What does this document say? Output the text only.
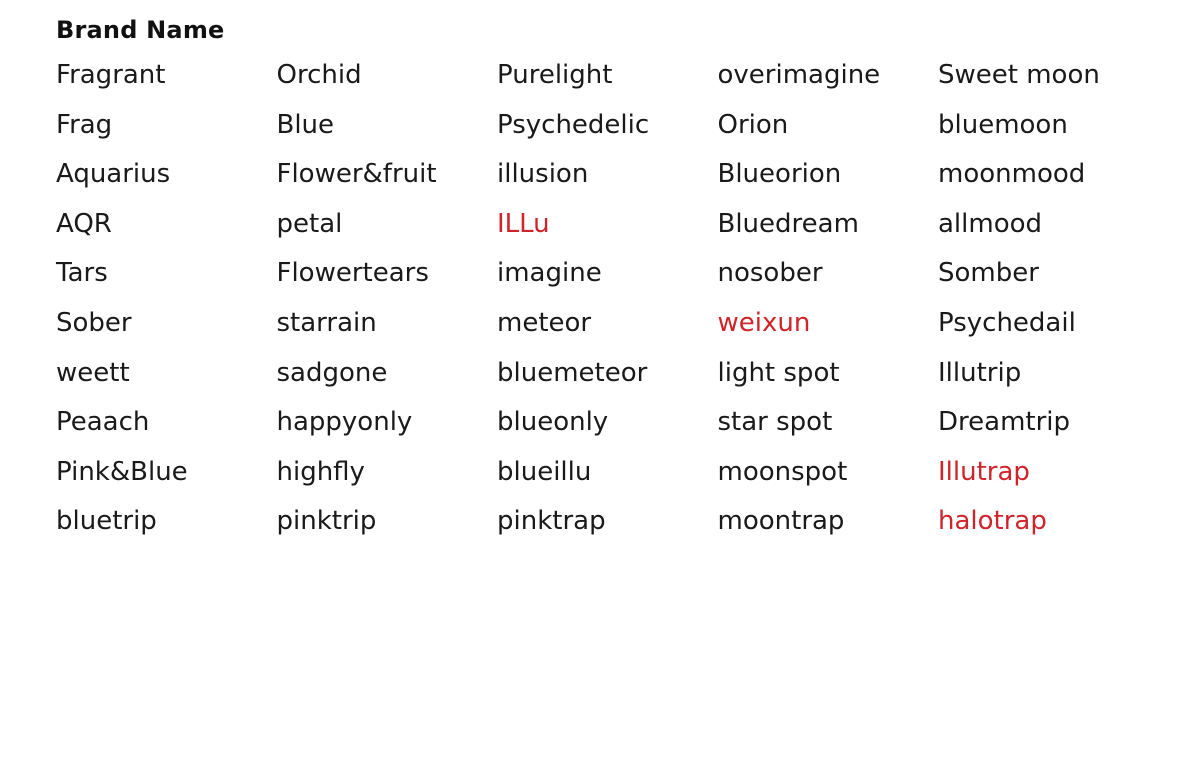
Brand Name
Fragrant	Orchid	Purelight	overimagine	Sweet moon
Frag	Blue	Psychedelic	Orion	bluemoon
Aquarius	Flower&fruit	illusion	Blueorion	moonmood
AQR	petal	ILLu	Bluedream	allmood
Tars	Flowertears	imagine	nosober	Somber
Sober	starrain	meteor	weixun	Psychedail
weett	sadgone	bluemeteor	light spot	Illutrip
Peaach	happyonly	blueonly	star spot	Dreamtrip
Pink&Blue	highfly	blueillu	moonspot	Illutrap
bluetrip	pinktrip	pinktrap	moontrap	halotrap
